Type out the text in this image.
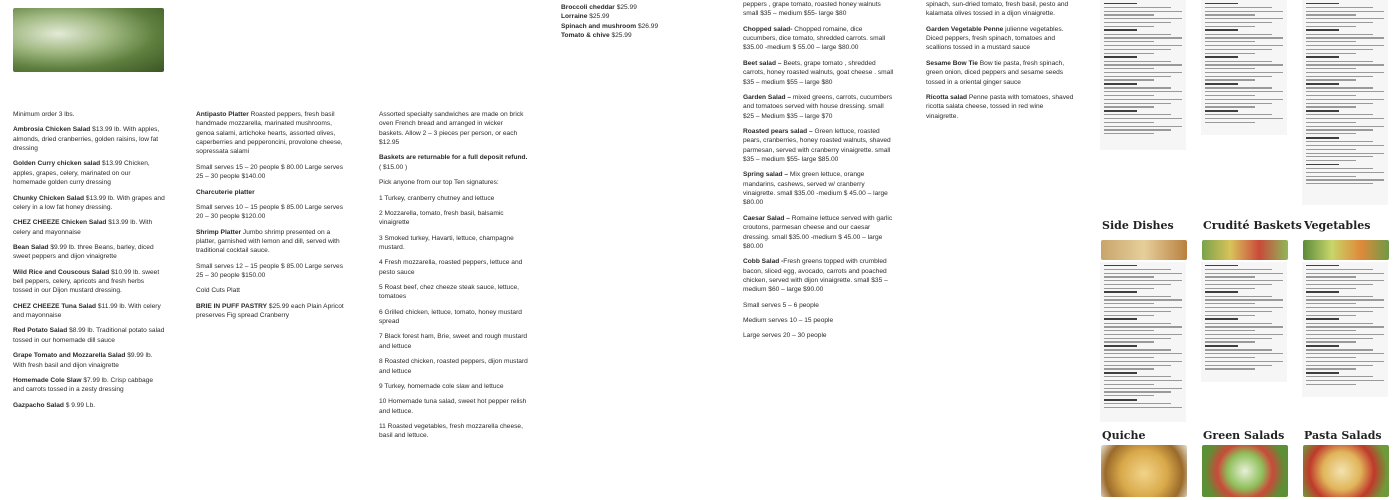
Minimum order 3 lbs.

Ambrosia Chicken Salad $13.99 lb. With apples, almonds, dried cranberries, golden raisins, low fat dressing

Golden Curry chicken salad $13.99 Chicken, apples, grapes, celery, marinated on our homemade golden curry dressing

Chunky Chicken Salad $13.99 lb. With grapes and celery in a low fat honey dressing.

CHEZ CHEEZE Chicken Salad $13.99 lb. With celery and mayonnaise

Bean Salad $9.99 lb. three Beans, barley, diced sweet peppers and dijon vinaigrette

Wild Rice and Couscous Salad $10.99 lb. sweet bell peppers, celery, apricots and fresh herbs tossed in our Dijon mustard dressing.

CHEZ CHEEZE Tuna Salad $11.99 lb. With celery and mayonnaise

Red Potato Salad $8.99 lb. Traditional potato salad tossed in our homemade dill sauce

Grape Tomato and Mozzarella Salad $9.99 lb. With fresh basil and dijon vinaigrette

Homemade Cole Slaw $7.99 lb. Crisp cabbage and carrots tossed in a zesty dressing

Gazpacho Salad $ 9.99 Lb.

Antipasto Platter Roasted peppers, fresh basil handmade mozzarella, marinated mushrooms, genoa salami, artichoke hearts, assorted olives, caperberries and pepperoncini, provolone cheese, sopressata salami

Small serves 15 – 20 people $ 80.00 Large serves 25 – 30 people $140.00

Charcuterie platter

Small serves 10 – 15 people $ 85.00 Large serves 20 – 30 people $120.00

Shrimp Platter Jumbo shrimp presented on a platter, garnished with lemon and dill, served with traditional cocktail sauce.

Small serves 12 – 15 people $ 85.00 Large serves 25 – 30 people $150.00

Cold Cuts Platt

BRIE IN PUFF PASTRY $25.99 each Plain Apricot preserves Fig spread Cranberry

Broccoli cheddar $25.99

Lorraine $25.99

Spinach and mushroom $26.99

Tomato & chive $25.99

Assorted specialty sandwiches are made on brick oven French bread and arranged in wicker baskets. Allow 2 – 3 pieces per person, or each $12.95

Baskets are returnable for a full deposit refund. ( $15.00 )

Pick anyone from our top Ten signatures:

1 Turkey, cranberry chutney and lettuce

2 Mozzarella, tomato, fresh basil, balsamic vinaigrette

3 Smoked turkey, Havarti, lettuce, champagne mustard.

4 Fresh mozzarella, roasted peppers, lettuce and pesto sauce

5 Roast beef, chez cheeze steak sauce, lettuce, tomatoes

6 Grilled chicken, lettuce, tomato, honey mustard spread

7 Black forest ham, Brie, sweet and rough mustard and lettuce

8 Roasted chicken, roasted peppers, dijon mustard and lettuce

9 Turkey, homemade cole slaw and lettuce

10 Homemade tuna salad, sweet hot pepper relish and lettuce.

11 Roasted vegetables, fresh mozzarella cheese, basil and lettuce.

peppers , grape tomato, roasted honey walnuts small $35 – medium $55- large $80

Chopped salad- Chopped romaine, dice cucumbers, dice tomato, shredded carrots. small $35.00 -medium $ 55.00 – large $80.00

Beet salad – Beets, grape tomato , shredded carrots, honey roasted walnuts, goat cheese . small $35 – medium $55 – large $80

Garden Salad – mixed greens, carrots, cucumbers and tomatoes served with house dressing. small $25 – Medium $35 – large $70

Roasted pears salad – Green lettuce, roasted pears, cranberries, honey roasted walnuts, shaved parmesan, served with cranberry vinaigrette. small $35 – medium $55- large $85.00

Spring salad – Mix green lettuce, orange mandarins, cashews, served w/ cranberry vinaigrette. small $35.00 -medium $ 45.00 – large $80.00

Caesar Salad – Romaine lettuce served with garlic croutons, parmesan cheese and our caesar dressing. small $35.00 -medium $ 45.00 – large $80.00

Cobb Salad -Fresh greens topped with crumbled bacon, sliced egg, avocado, carrots and poached chicken, served with dijon vinaigrette. small $35 – medium $60 – large $90.00

Small serves 5 – 6 people

Medium serves 10 – 15 people

Large serves 20 – 30 people

spinach, sun-dried tomato, fresh basil, pesto and kalamata olives tossed in a dijon vinaigrette.

Garden Vegetable Penne julienne vegetables. Diced peppers, fresh spinach, tomatoes and scallions tossed in a mustard sauce

Sesame Bow Tie Bow tie pasta, fresh spinach, green onion, diced peppers and sesame seeds tossed in a oriental ginger sauce

Ricotta salad Penne pasta with tomatoes, shaved ricotta salata cheese, tossed in red wine vinaigrette.

Side Dishes	Crudité Baskets Vegetables
Quiche	Green Salads Pasta Salads
